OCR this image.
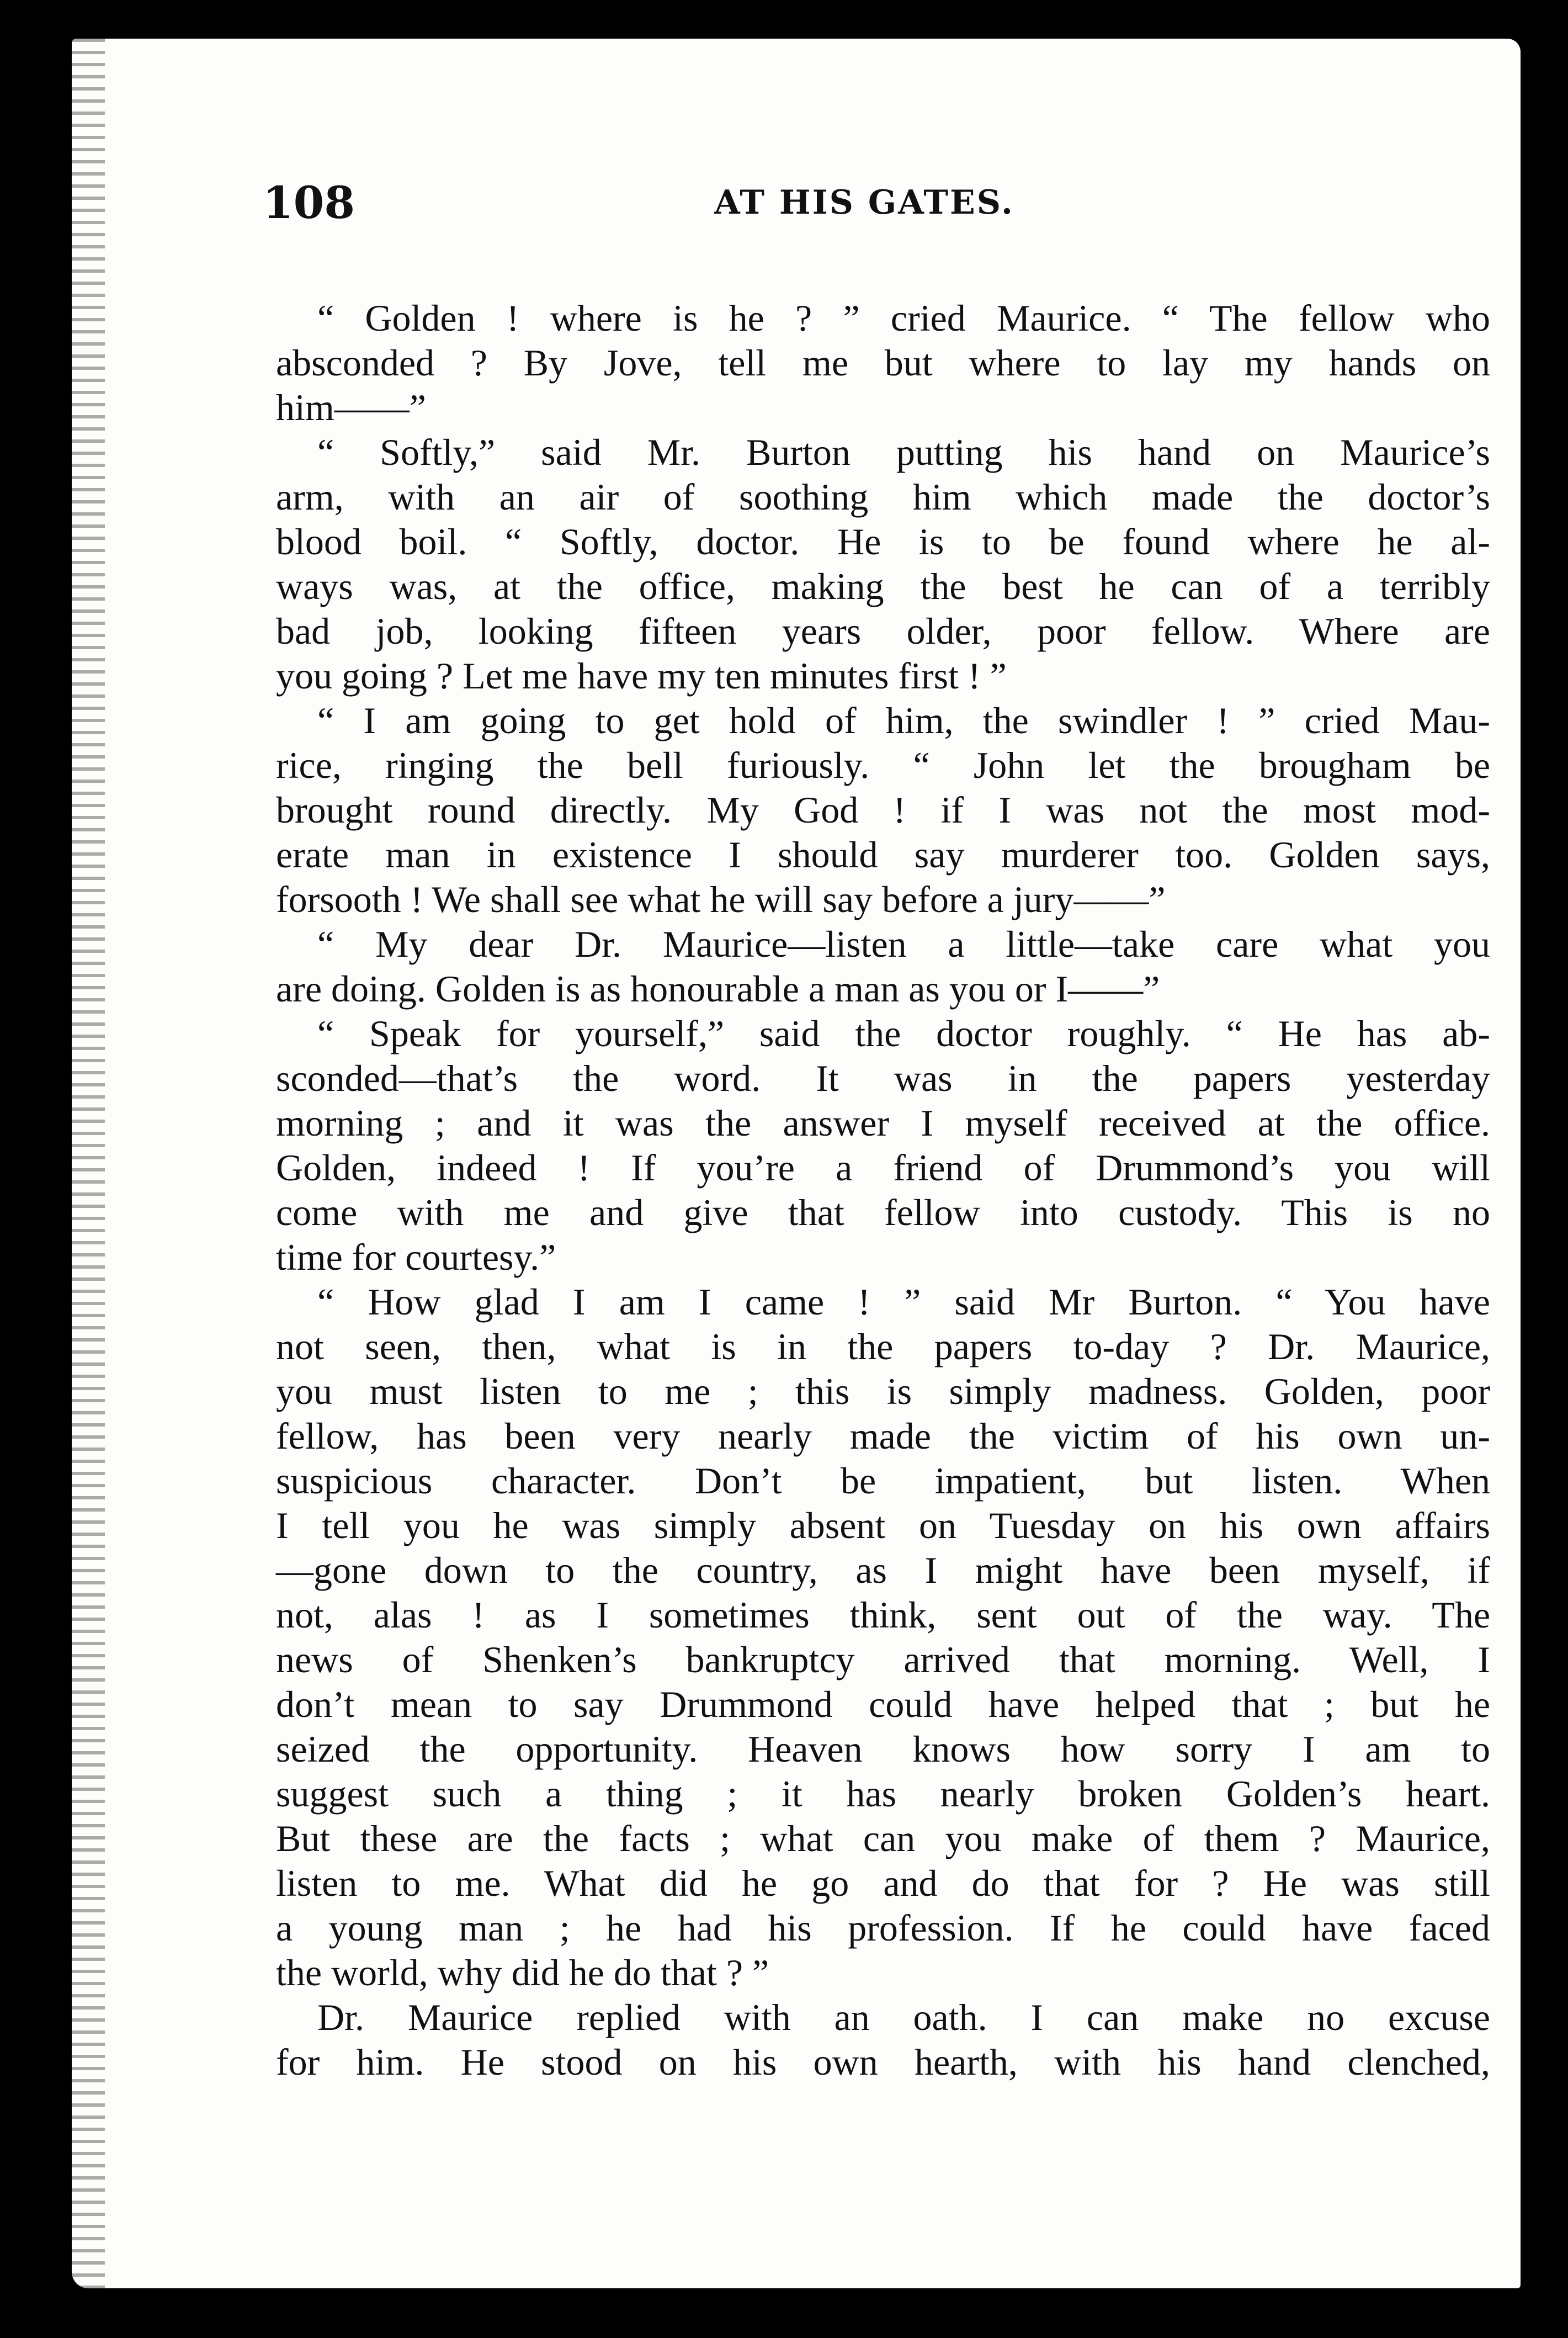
108	AT HIS GATES.
“ Golden ! where is he ? ” cried Maurice. “ The fellow who
absconded ? By Jove, tell me but where to lay my hands on
him——”
“ Softly,” said Mr. Burton putting his hand on Maurice’s
arm, with an air of soothing him which made the doctor’s
blood boil. “ Softly, doctor. He is to be found where he al-
ways was, at the office, making the best he can of a terribly
bad job, looking fifteen years older, poor fellow. Where are
you going ? Let me have my ten minutes first ! ”
“ I am going to get hold of him, the swindler ! ” cried Mau-
rice, ringing the bell furiously. “ John let the brougham be
brought round directly. My God ! if I was not the most mod-
erate man in existence I should say murderer too. Golden says,
forsooth ! We shall see what he will say before a jury——”
“ My dear Dr. Maurice—listen a little—take care what you
are doing. Golden is as honourable a man as you or I——”
“ Speak for yourself,” said the doctor roughly. “ He has ab-
sconded—that’s the word. It was in the papers yesterday
morning ; and it was the answer I myself received at the office.
Golden, indeed ! If you’re a friend of Drummond’s you will
come with me and give that fellow into custody. This is no
time for courtesy.”
“ How glad I am I came ! ” said Mr Burton. “ You have
not seen, then, what is in the papers to-day ? Dr. Maurice,
you must listen to me ; this is simply madness. Golden, poor
fellow, has been very nearly made the victim of his own un-
suspicious character. Don’t be impatient, but listen. When
I tell you he was simply absent on Tuesday on his own affairs
—gone down to the country, as I might have been myself, if
not, alas ! as I sometimes think, sent out of the way. The
news of Shenken’s bankruptcy arrived that morning. Well, I
don’t mean to say Drummond could have helped that ; but he
seized the opportunity. Heaven knows how sorry I am to
suggest such a thing ; it has nearly broken Golden’s heart.
But these are the facts ; what can you make of them ? Maurice,
listen to me. What did he go and do that for ? He was still
a young man ; he had his profession. If he could have faced
the world, why did he do that ? ”
Dr. Maurice replied with an oath. I can make no excuse
for him. He stood on his own hearth, with his hand clenched,
